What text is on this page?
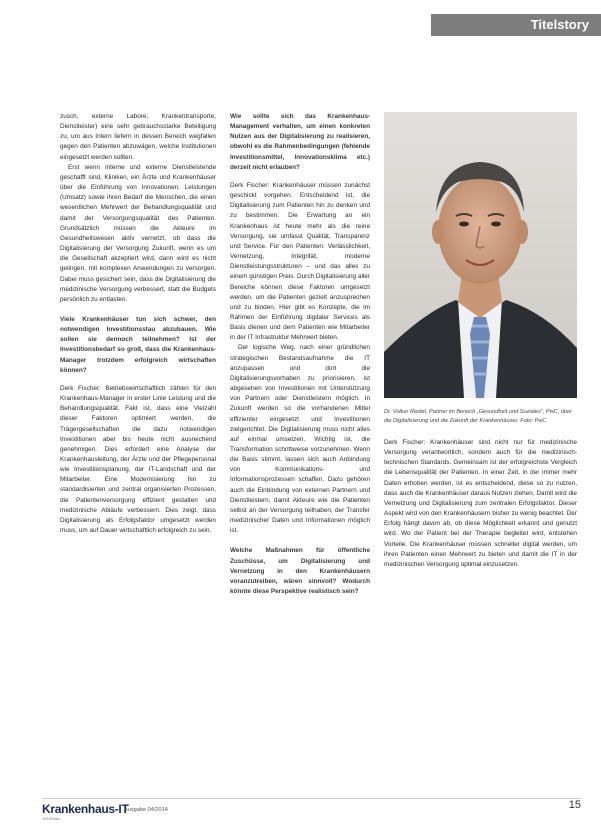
Titelstory

zusch, externe Labore, Krankentransporte, Dienstleister) eine sehr gebrauchsstarke Beteiligung zu, um aus Intern liefern in dessen Bereich wegfallen gegen den Patienten abzuwägen, welche Institutionen eingesetzt werden sollten.

Erst wenn interne und externe Dienstleistende geschafft sind, Kliniken, ein Ärzte und Krankenhäuser über die Einführung von Innovationen. Leistungen (Umsatz) sowie ihren Bedarf die Menschen, die einen wesentlichen Mehrwert der Behandlungsqualität und damit der Versorgungsqualität des Patienten. Grundsätzlich müssen die Akteure im Gesundheitswesen aktiv vernetzt, ob dass die Digitalisierung der Versorgung Zukunft, wenn es um die Gesellschaft akzeptiert wird, dann wird es nicht gelingen, mit komplexen Anwendungen zu versorgen. Dabei muss gesichert sein, dass die Digitalisierung die medizinische Versorgung verbessert, statt die Budgets persönlich zu entlasten.

Viele Krankenhäuser tun sich schwer, den notwendigen Investitionsstau abzubauen. Wie sollen sie dennoch teilnehmen? Ist der Investitionsbedarf so groß, dass die Krankenhaus-Manager trotzdem erfolgreich wirtschaften können?

Derk Fischer: Betriebswirtschaftlich zählen für den Krankenhaus-Manager in erster Linie Leistung und die Behandlungsqualität. Fakt ist, dass eine Vielzahl dieser Faktoren optimiert werden, die Trägergesellschaften die dazu notwendigen Investitionen aber bis heute nicht ausreichend genehmigen. Dies erfordert eine Analyse der Krankenhausleitung, der Ärzte und der Pflegepersonal wie Investitionsplanung, der IT-Landschaft und der Mitarbeiter. Eine Modernisierung hin zu standardisierten und zentral organisierten Prozessen, die Patientenversorgung effizient gestalten und medizinische Abläufe verbessern. Dies zeigt, dass Digitalisierung als Erfolgsfaktor umgesetzt werden muss, um auf Dauer wirtschaftlich erfolgreich zu sein.

Wie sollte sich das Krankenhaus-Management verhalten, um einen konkreten Nutzen aus der Digitalisierung zu realisieren, obwohl es die Rahmenbedingungen (fehlende Investitionsmittel, Innovationsklima etc.) derzeit nicht erlauben?

Derk Fischer: Krankenhäuser müssen zunächst geschickt vorgehen. Entscheidend ist, die Digitalisierung zum Patienten hin zu denken und zu bestimmen. Die Erwartung an ein Krankenhaus ist heute mehr als die reine Versorgung, sie umfasst Qualität, Transparenz und Service. Für den Patienten: Verlässlichkeit, Vernetzung, Integrität, moderne Dienstleistungsstrukturen – und das alles zu einem günstigen Preis. Durch Digitalisierung aller Bereiche können diese Faktoren umgesetzt werden, um die Patienten gezielt anzusprechen und zu binden. Hier gibt es Konzepte, die im Rahmen der Einführung digitaler Services als Basis dienen und dem Patienten wie Mitarbeiter in der IT Infrastruktur Mehrwert bieten.

Der logische Weg, nach einer gründlichen strategischen Bestandsaufnahme die IT anzupassen und dort die Digitalisierungsvorhaben zu priorisieren, ist abgesehen von Investitionen mit Unterstützung von Partnern oder Dienstleistern möglich. In Zukunft werden so die vorhandenen Mittel effizienter eingesetzt und Investitionen zielgerichtet. Die Digitalisierung muss nicht alles auf einmal umsetzen. Wichtig ist, die Transformation schrittweise vorzunehmen. Wenn die Basis stimmt, lassen sich auch Anbindung von Kommunikations- und Informationsprozessen schaffen. Dazu gehören auch die Einbindung von externen Partnern und Dienstleistern, damit Akteure wie die Patienten selbst an der Versorgung teilhaben, der Transfer medizinischer Daten und Informationen möglich ist.

Welche Maßnahmen für öffentliche Zuschüsse, um Digitalisierung und Vernetzung in den Krankenhäusern voranzutreiben, wären sinnvoll? Wodurch könnte diese Perspektive realistisch sein?

Dr. Volker Riedel, Partner im Bereich „Gesundheit und Soziales“, PwC, über die Digitalisierung und die Zukunft der Krankenhäuser. Foto: PwC

Derk Fischer: Krankenhäuser sind nicht nur für medizinische Versorgung verantwortlich, sondern auch für die medizinisch-technischen Standards. Gemeinsam ist der erfolgreichste Vergleich die Lebensqualität der Patienten. In einer Zeit, in der immer mehr Daten erhoben werden, ist es entscheidend, diese so zu nutzen, dass auch die Krankenhäuser daraus Nutzen ziehen. Damit wird die Vernetzung und Digitalisierung zum zentralen Erfolgsfaktor. Dieser Aspekt wird von den Krankenhäusern bisher zu wenig beachtet. Der Erfolg hängt davon ab, ob diese Möglichkeit erkannt und genutzt wird. Wo der Patient bei der Therapie begleitet wird, entstehen Vorteile. Die Krankenhäuser müssen schneller digital werden, um ihren Patienten einen Mehrwert zu bieten und damit die IT in der medizinischen Versorgung optimal einzusetzen.

Krankenhaus-IT
JOURNAL
Ausgabe 04/2014	15
